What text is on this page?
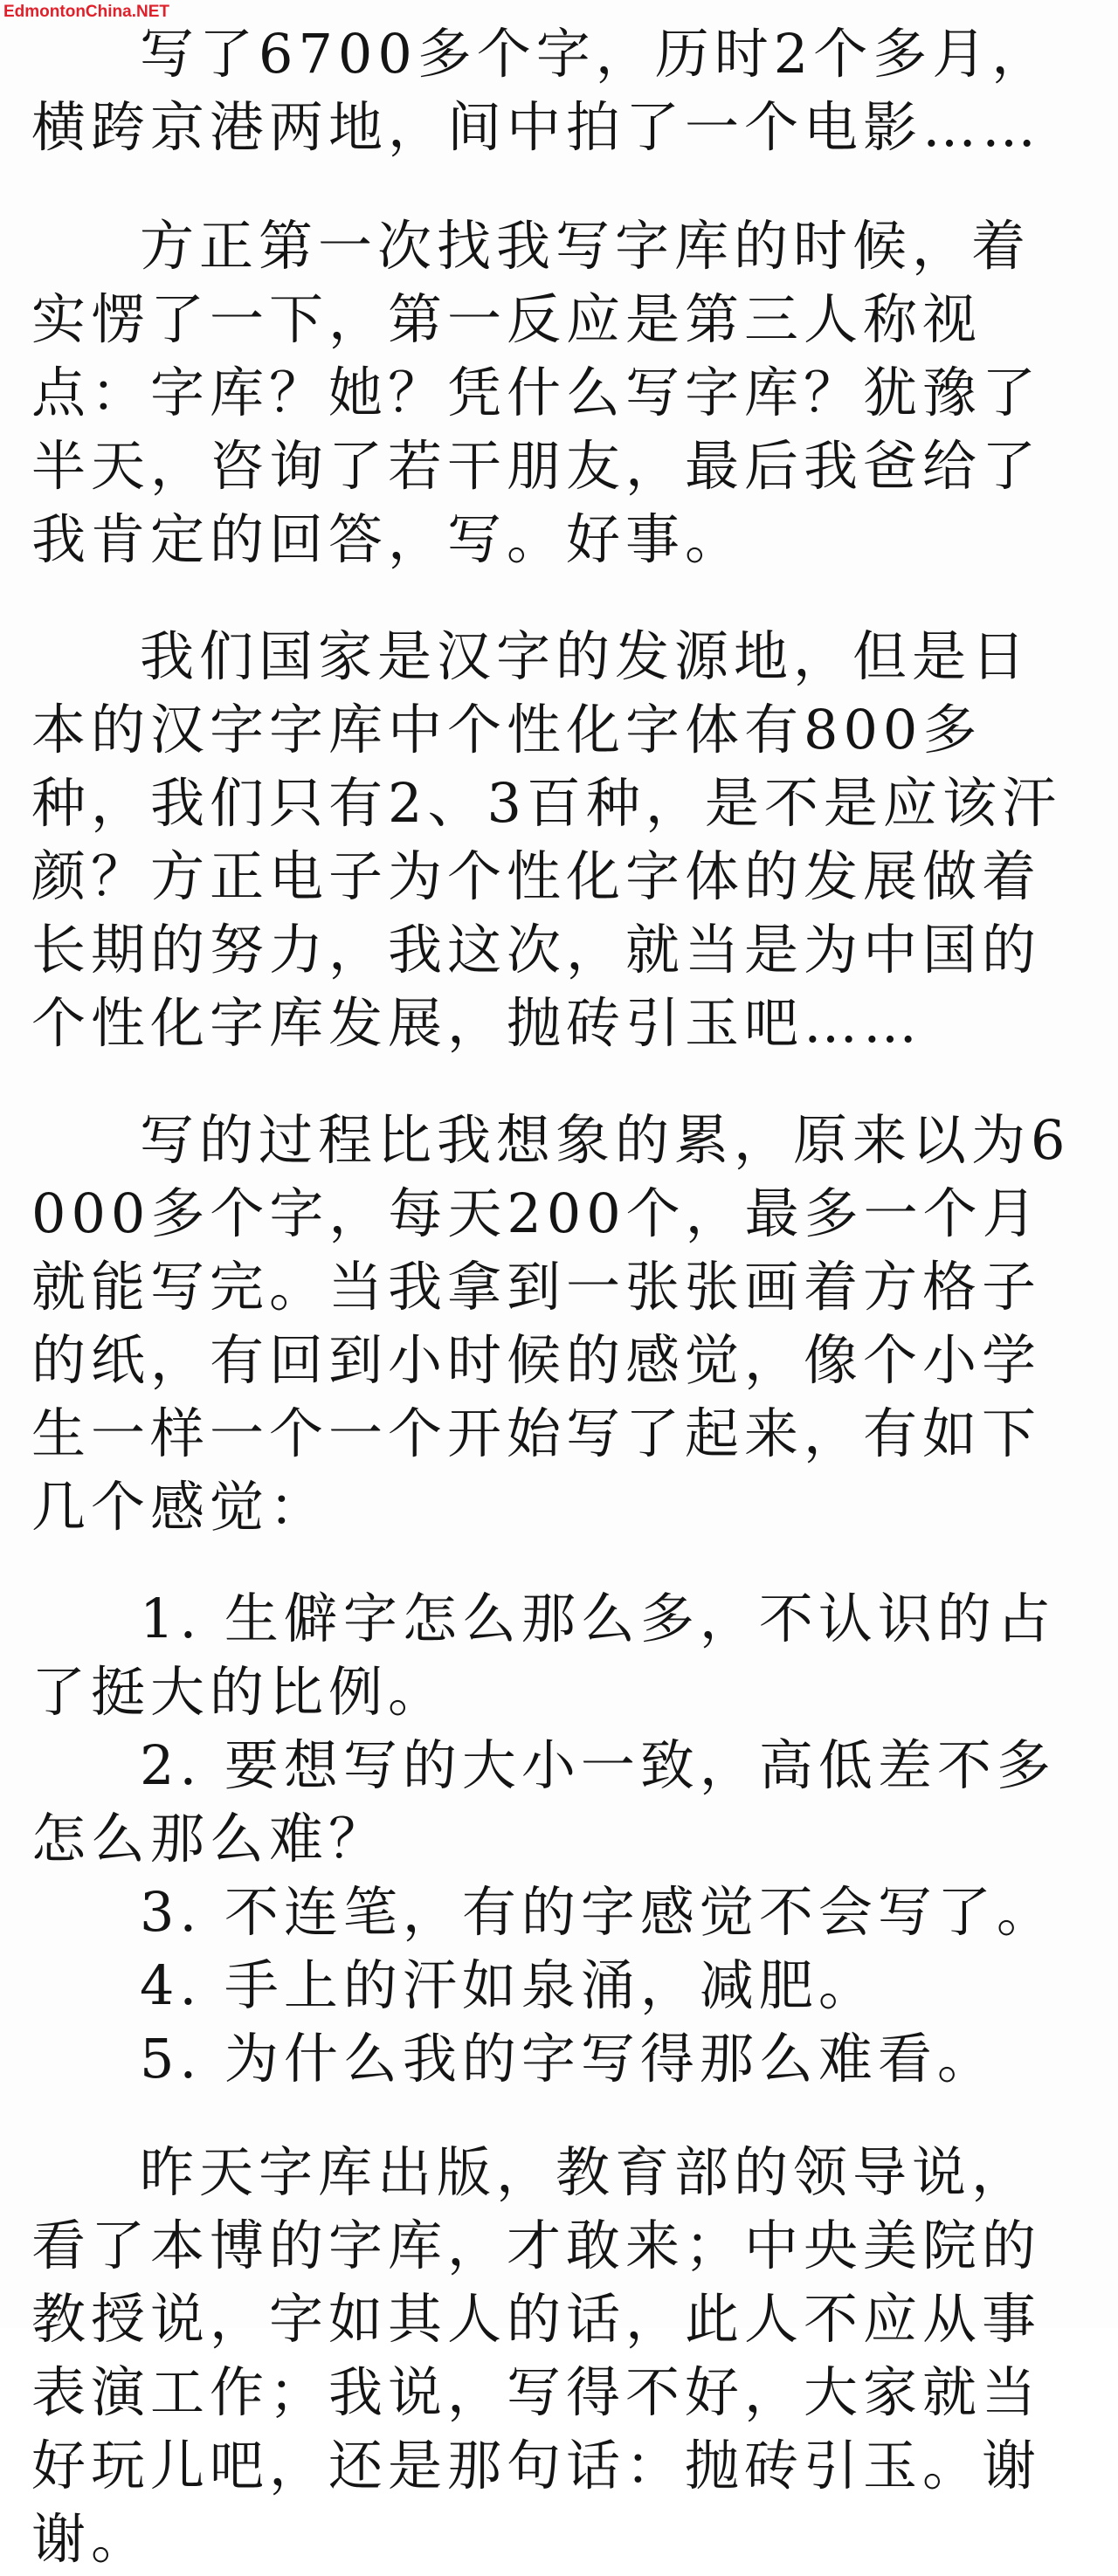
EdmontonChina.NET

写了6700多个字，历时2个多月，横跨京港两地，间中拍了一个电影……

方正第一次找我写字库的时候，着实愣了一下，第一反应是第三人称视点：字库？她？凭什么写字库？犹豫了半天，咨询了若干朋友，最后我爸给了我肯定的回答，写。好事。

我们国家是汉字的发源地，但是日本的汉字字库中个性化字体有800多种，我们只有2、3百种，是不是应该汗颜？方正电子为个性化字体的发展做着长期的努力，我这次，就当是为中国的个性化字库发展，抛砖引玉吧……

写的过程比我想象的累，原来以为6000多个字，每天200个，最多一个月就能写完。当我拿到一张张画着方格子的纸，有回到小时候的感觉，像个小学生一样一个一个开始写了起来，有如下几个感觉：

1. 生僻字怎么那么多，不认识的占了挺大的比例。

2. 要想写的大小一致，高低差不多怎么那么难？

3. 不连笔，有的字感觉不会写了。

4. 手上的汗如泉涌，减肥。

5. 为什么我的字写得那么难看。

昨天字库出版，教育部的领导说，看了本博的字库，才敢来；中央美院的教授说，字如其人的话，此人不应从事表演工作；我说，写得不好，大家就当好玩儿吧，还是那句话：抛砖引玉。谢谢。
